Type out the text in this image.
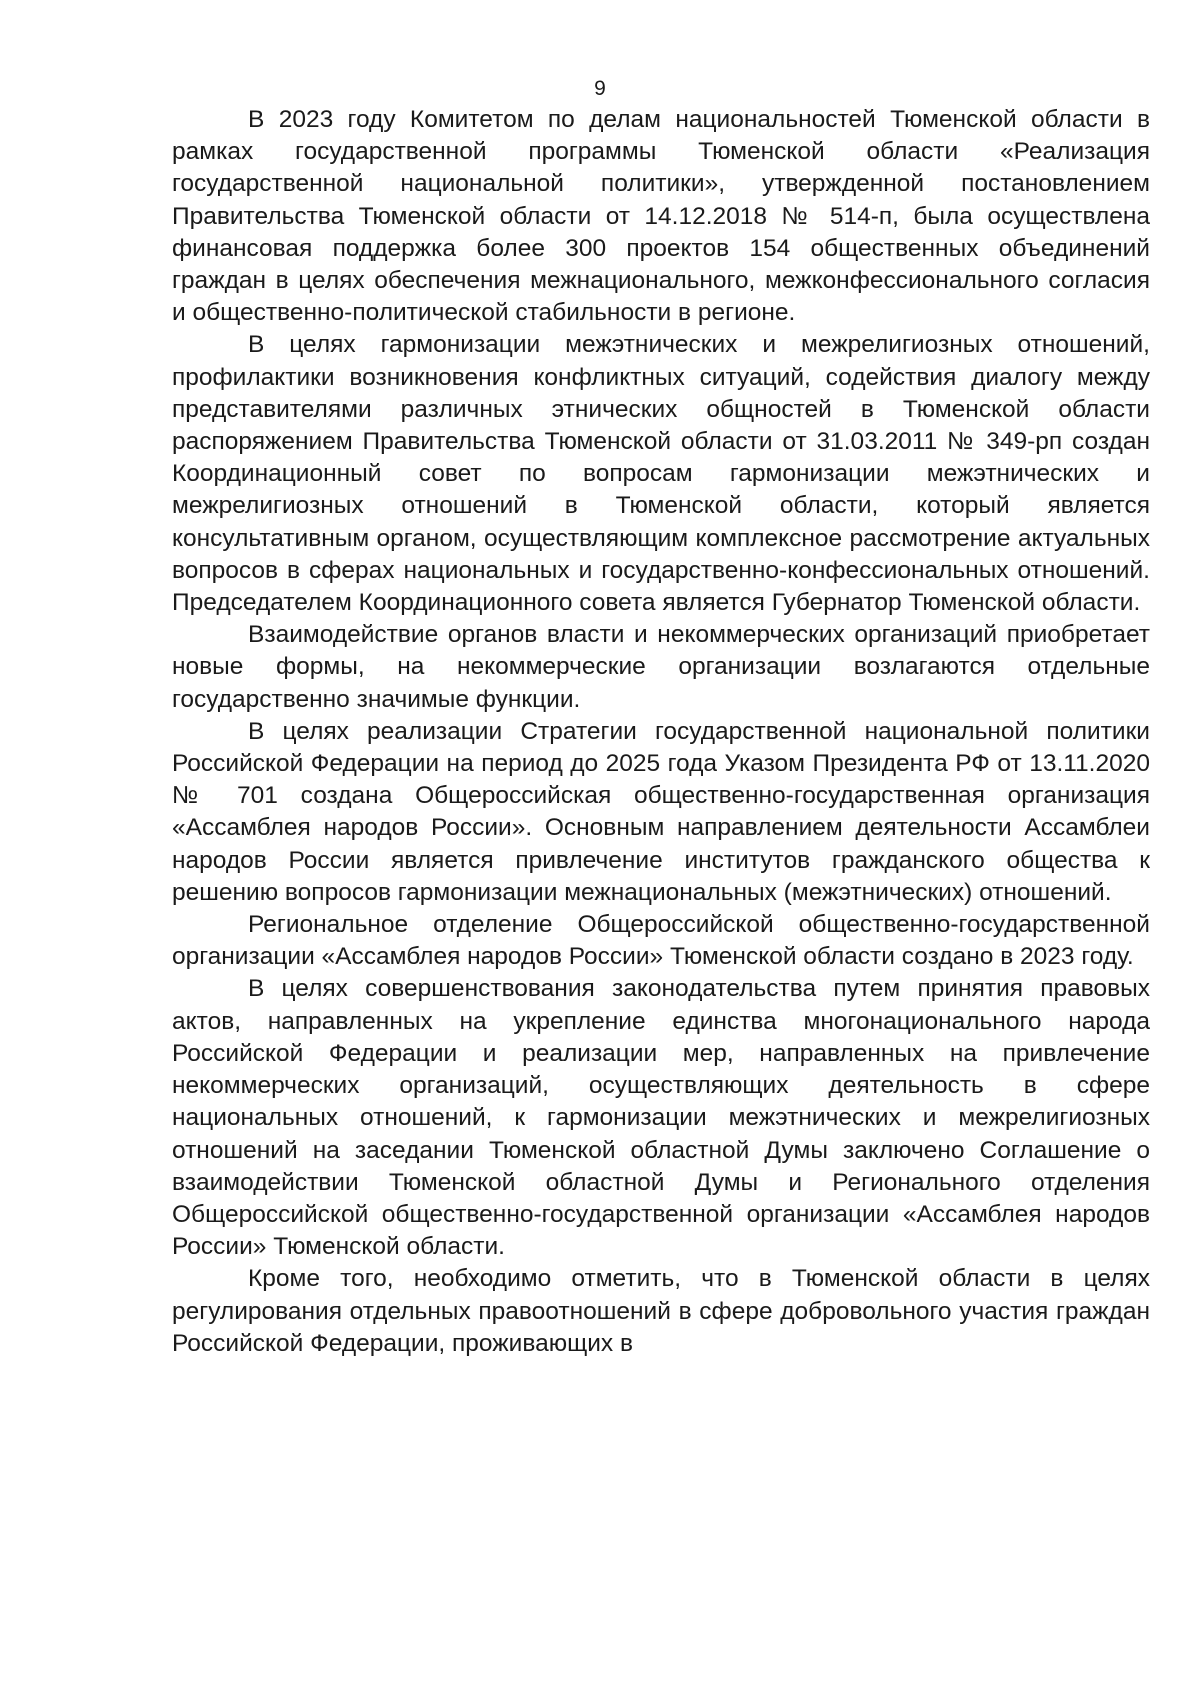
9

В 2023 году Комитетом по делам национальностей Тюменской области в рамках государственной программы Тюменской области «Реализация государственной национальной политики», утвержденной постановлением Правительства Тюменской области от 14.12.2018 № 514-п, была осуществлена финансовая поддержка более 300 проектов 154 общественных объединений граждан в целях обеспечения межнационального, межконфессионального согласия и общественно-политической стабильности в регионе.

В целях гармонизации межэтнических и межрелигиозных отношений, профилактики возникновения конфликтных ситуаций, содействия диалогу между представителями различных этнических общностей в Тюменской области распоряжением Правительства Тюменской области от 31.03.2011 № 349-рп создан Координационный совет по вопросам гармонизации межэтнических и межрелигиозных отношений в Тюменской области, который является консультативным органом, осуществляющим комплексное рассмотрение актуальных вопросов в сферах национальных и государственно-конфессиональных отношений. Председателем Координационного совета является Губернатор Тюменской области.

Взаимодействие органов власти и некоммерческих организаций приобретает новые формы, на некоммерческие организации возлагаются отдельные государственно значимые функции.

В целях реализации Стратегии государственной национальной политики Российской Федерации на период до 2025 года Указом Президента РФ от 13.11.2020 № 701 создана Общероссийская общественно-государственная организация «Ассамблея народов России». Основным направлением деятельности Ассамблеи народов России является привлечение институтов гражданского общества к решению вопросов гармонизации межнациональных (межэтнических) отношений.

Региональное отделение Общероссийской общественно-государственной организации «Ассамблея народов России» Тюменской области создано в 2023 году.

В целях совершенствования законодательства путем принятия правовых актов, направленных на укрепление единства многонационального народа Российской Федерации и реализации мер, направленных на привлечение некоммерческих организаций, осуществляющих деятельность в сфере национальных отношений, к гармонизации межэтнических и межрелигиозных отношений на заседании Тюменской областной Думы заключено Соглашение о взаимодействии Тюменской областной Думы и Регионального отделения Общероссийской общественно-государственной организации «Ассамблея народов России» Тюменской области.

Кроме того, необходимо отметить, что в Тюменской области в целях регулирования отдельных правоотношений в сфере добровольного участия граждан Российской Федерации, проживающих в
